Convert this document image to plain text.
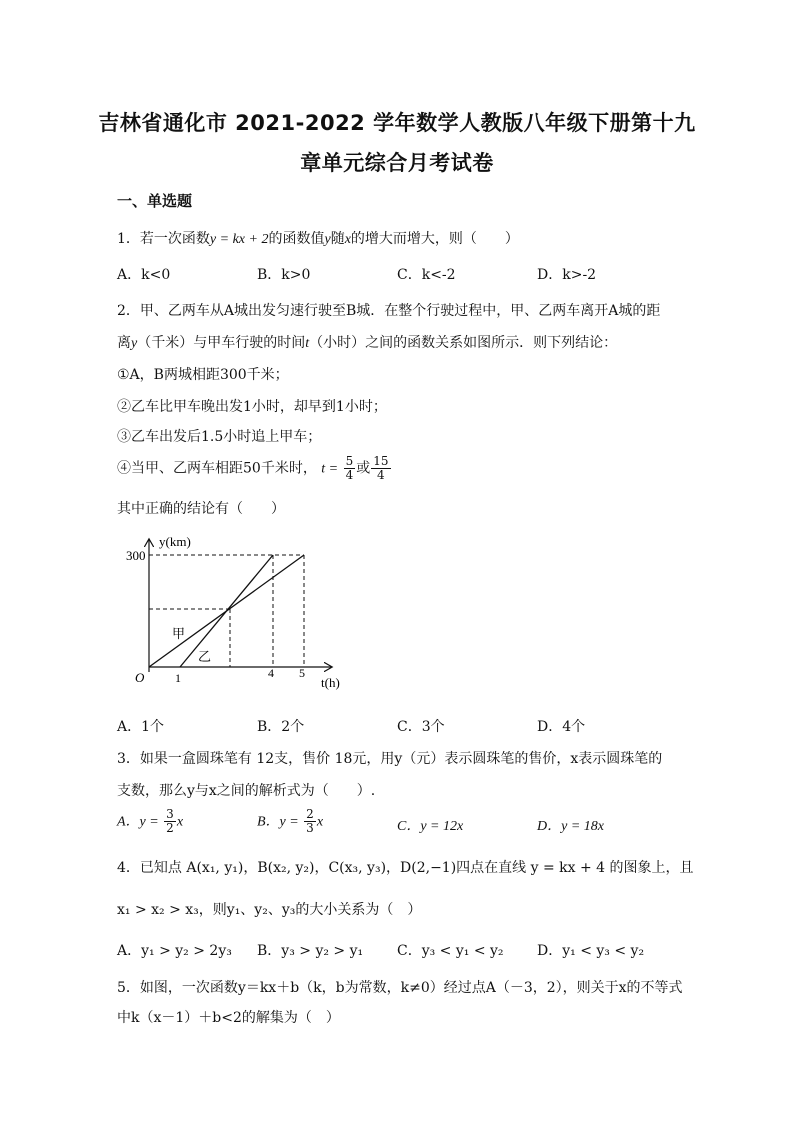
吉林省通化市 2021-2022 学年数学人教版八年级下册第十九
章单元综合月考试卷
一、单选题
1．若一次函数y = kx + 2的函数值y随x的增大而增大，则（　　）
A．k<0	B．k>0	C．k<-2	D．k>-2
2．甲、乙两车从A城出发匀速行驶至B城．在整个行驶过程中，甲、乙两车离开A城的距
离y（千米）与甲车行驶的时间t（小时）之间的函数关系如图所示．则下列结论：
①A，B两城相距300千米；
②乙车比甲车晚出发1小时，却早到1小时；
③乙车出发后1.5小时追上甲车；
④当甲、乙两车相距50千米时， $t = \frac{5}{4}$ 或 $\frac{15}{4}$
其中正确的结论有（　　）
y(km)
300
O	1	4 5
t(h)
甲
乙
A．1个	B．2个	C．3个	D．4个
3．如果一盒圆珠笔有 12支，售价 18元，用y（元）表示圆珠笔的售价，x表示圆珠笔的
支数，那么y与x之间的解析式为（　　）.
A．$y = \frac{3}{2}$ x	B．$y = \frac{2}{3}$ x	C．y = 12x	D．y = 18x
4．已知点 A(x₁, y₁)，B(x₂, y₂)，C(x₃, y₃)，D(2,−1)四点在直线 y = kx + 4 的图象上，且
x₁ > x₂ > x₃，则y₁、y₂、y₃的大小关系为（　）
A．y₁ > y₂ > 2y₃ B．y₃ > y₂ > y₁ C．y₃ < y₁ < y₂ D．y₁ < y₃ < y₂
5．如图，一次函数y＝kx＋b（k，b为常数，k≠0）经过点A（－3，2），则关于x的不等式
中k（x－1）＋b<2的解集为（　）
